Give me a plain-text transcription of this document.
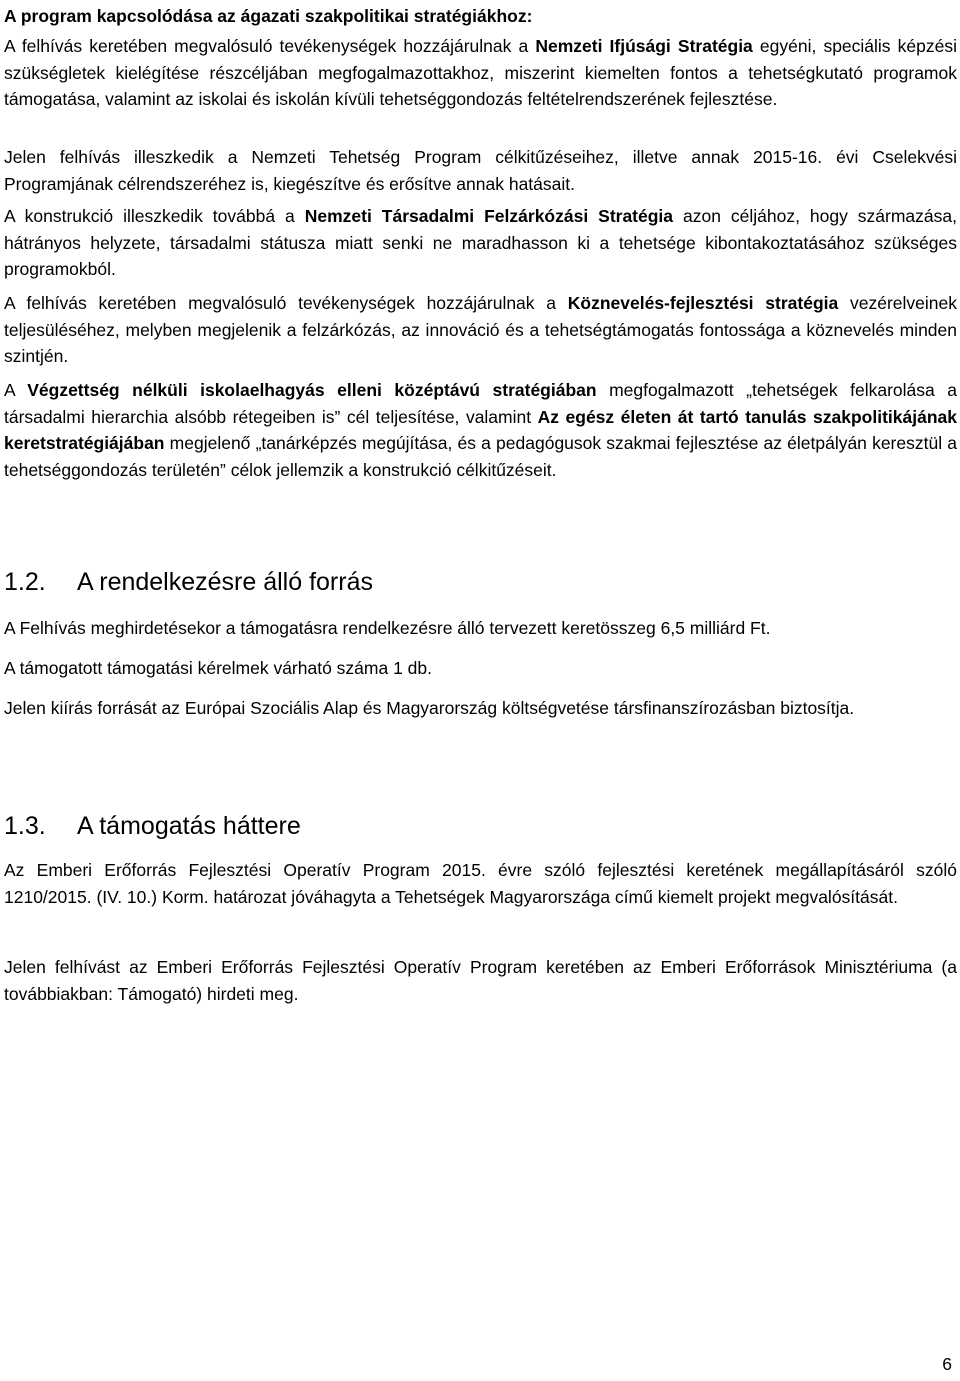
A program kapcsolódása az ágazati szakpolitikai stratégiákhoz:

A felhívás keretében megvalósuló tevékenységek hozzájárulnak a Nemzeti Ifjúsági Stratégia egyéni, speciális képzési szükségletek kielégítése részcéljában megfogalmazottakhoz, miszerint kiemelten fontos a tehetségkutató programok támogatása, valamint az iskolai és iskolán kívüli tehetséggondozás feltételrendszerének fejlesztése.

Jelen felhívás illeszkedik a Nemzeti Tehetség Program célkitűzéseihez, illetve annak 2015-16. évi Cselekvési Programjának célrendszeréhez is, kiegészítve és erősítve annak hatásait.

A konstrukció illeszkedik továbbá a Nemzeti Társadalmi Felzárkózási Stratégia azon céljához, hogy származása, hátrányos helyzete, társadalmi státusza miatt senki ne maradhasson ki a tehetsége kibontakoztatásához szükséges programokból.

A felhívás keretében megvalósuló tevékenységek hozzájárulnak a Köznevelés-fejlesztési stratégia vezérelveinek teljesüléséhez, melyben megjelenik a felzárkózás, az innováció és a tehetségtámogatás fontossága a köznevelés minden szintjén.

A Végzettség nélküli iskolaelhagyás elleni középtávú stratégiában megfogalmazott „tehetségek felkarolása a társadalmi hierarchia alsóbb rétegeiben is” cél teljesítése, valamint Az egész életen át tartó tanulás szakpolitikájának keretstratégiájában megjelenő „tanárképzés megújítása, és a pedagógusok szakmai fejlesztése az életpályán keresztül a tehetséggondozás területén” célok jellemzik a konstrukció célkitűzéseit.

1.2. A rendelkezésre álló forrás

A Felhívás meghirdetésekor a támogatásra rendelkezésre álló tervezett keretösszeg 6,5 milliárd Ft.

A támogatott támogatási kérelmek várható száma 1 db.

Jelen kiírás forrását az Európai Szociális Alap és Magyarország költségvetése társfinanszírozásban biztosítja.

1.3. A támogatás háttere

Az Emberi Erőforrás Fejlesztési Operatív Program 2015. évre szóló fejlesztési keretének megállapításáról szóló 1210/2015. (IV. 10.) Korm. határozat jóváhagyta a Tehetségek Magyarországa című kiemelt projekt megvalósítását.

Jelen felhívást az Emberi Erőforrás Fejlesztési Operatív Program keretében az Emberi Erőforrások Minisztériuma (a továbbiakban: Támogató) hirdeti meg.

6
